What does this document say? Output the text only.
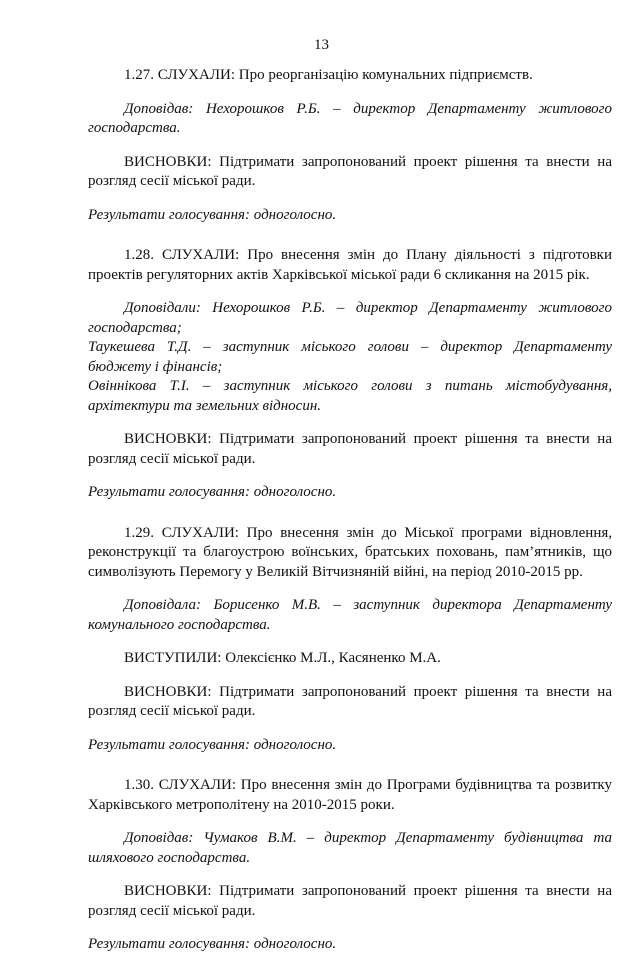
13

1.27. СЛУХАЛИ: Про реорганізацію комунальних підприємств.

Доповідав: Нехорошков Р.Б. – директор Департаменту житлового господарства.

ВИСНОВКИ: Підтримати запропонований проект рішення та внести на розгляд сесії міської ради.

Результати голосування: одноголосно.

1.28. СЛУХАЛИ: Про внесення змін до Плану діяльності з підготовки проектів регуляторних актів Харківської міської ради 6 скликання на 2015 рік.

Доповідали: Нехорошков Р.Б. – директор Департаменту житлового господарства;

Таукешева Т.Д. – заступник міського голови – директор Департаменту бюджету і фінансів;

Овіннікова Т.І. – заступник міського голови з питань містобудування, архітектури та земельних відносин.

ВИСНОВКИ: Підтримати запропонований проект рішення та внести на розгляд сесії міської ради.

Результати голосування: одноголосно.

1.29. СЛУХАЛИ: Про внесення змін до Міської програми відновлення, реконструкції та благоустрою воїнських, братських поховань, пам’ятників, що символізують Перемогу у Великій Вітчизняній війні, на період 2010-2015 рр.

Доповідала: Борисенко М.В. – заступник директора Департаменту комунального господарства.

ВИСТУПИЛИ: Олексієнко М.Л., Касяненко М.А.

ВИСНОВКИ: Підтримати запропонований проект рішення та внести на розгляд сесії міської ради.

Результати голосування: одноголосно.

1.30. СЛУХАЛИ: Про внесення змін до Програми будівництва та розвитку Харківського метрополітену на 2010-2015 роки.

Доповідав: Чумаков В.М. – директор Департаменту будівництва та шляхового господарства.

ВИСНОВКИ: Підтримати запропонований проект рішення та внести на розгляд сесії міської ради.

Результати голосування: одноголосно.
